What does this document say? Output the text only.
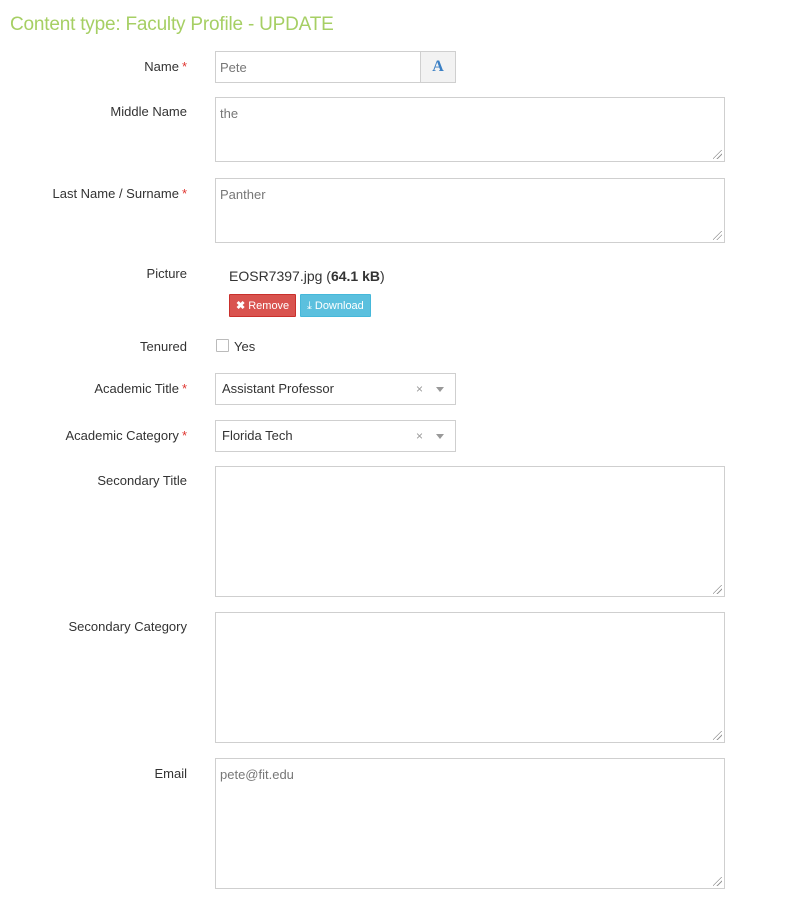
Content type: Faculty Profile - UPDATE
Name *	Pete	A
Middle Name	the
Last Name / Surname *	Panther
Picture	EOSR7397.jpg (64.1 kB)
✖ Remove	⤓ Download
Tenured	Yes
Academic Title *	Assistant Professor	×
Academic Category *	Florida Tech	×
Secondary Title
Secondary Category
Email	pete@fit.edu
